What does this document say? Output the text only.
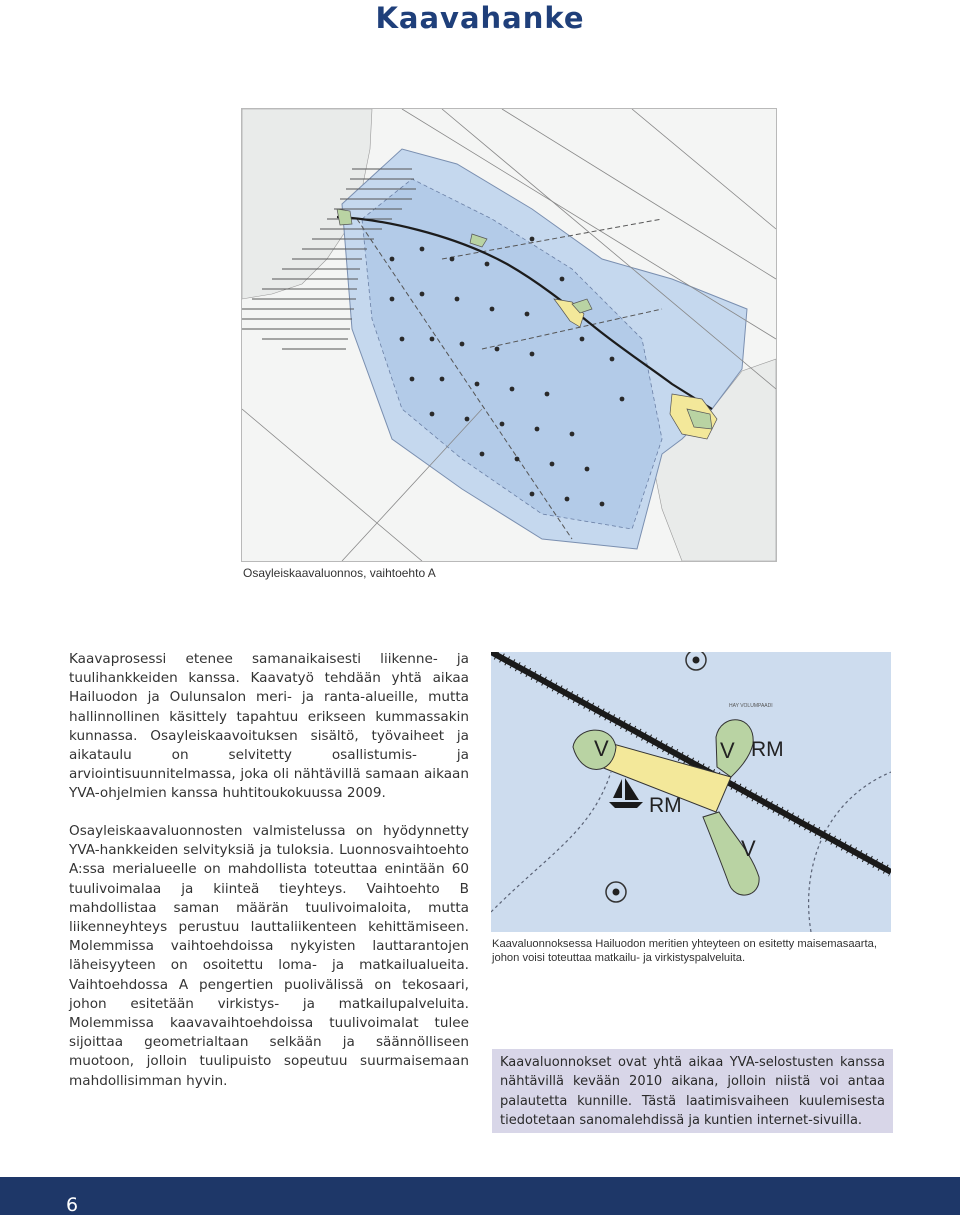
Kaavahanke
Osayleiskaavaluonnos, vaihtoehto A
Kaavaprosessi etenee samanaikaisesti liikenne- ja tuulihankkeiden kanssa. Kaavatyö tehdään yhtä aikaa Hailuodon ja Oulunsalon meri- ja ranta-alueille, mutta hallinnollinen käsittely tapahtuu erikseen kummassakin kunnassa. Osayleiskaavoituksen sisältö, työvaiheet ja aikataulu on selvitetty osallistumis- ja arviointisuunnitelmassa, joka oli nähtävillä samaan aikaan YVA-ohjelmien kanssa huhtitoukokuussa 2009.
Osayleiskaavaluonnosten valmistelussa on hyödynnetty YVA-hankkeiden selvityksiä ja tuloksia. Luonnosvaihtoehto A:ssa merialueelle on mahdollista toteuttaa enintään 60 tuulivoimalaa ja kiinteä tieyhteys. Vaihtoehto B mahdollistaa saman määrän tuulivoimaloita, mutta liikenneyhteys perustuu lauttaliikenteen kehittämiseen. Molemmissa vaihtoehdoissa nykyisten lauttarantojen läheisyyteen on osoitettu loma- ja matkailualueita. Vaihtoehdossa A pengertien puolivälissä on tekosaari, johon esitetään virkistys- ja matkailupalveluita. Molemmissa kaavavaihtoehdoissa tuulivoimalat tulee sijoittaa geometrialtaan selkään ja säännölliseen muotoon, jolloin tuulipuisto sopeutuu suurmaisemaan mahdollisimman hyvin.
V	V
V
RM
RM
HAY VOLUMPAADI
Kaavaluonnoksessa Hailuodon meritien yhteyteen on esitetty maisemasaarta, johon voisi toteuttaa matkailu- ja virkistyspalveluita.
Kaavaluonnokset ovat yhtä aikaa YVA-selostusten kanssa nähtävillä kevään 2010 aikana, jolloin niistä voi antaa palautetta kunnille. Tästä laatimisvaiheen kuulemisesta tiedotetaan sanomalehdissä ja kuntien internet-sivuilla.
6
